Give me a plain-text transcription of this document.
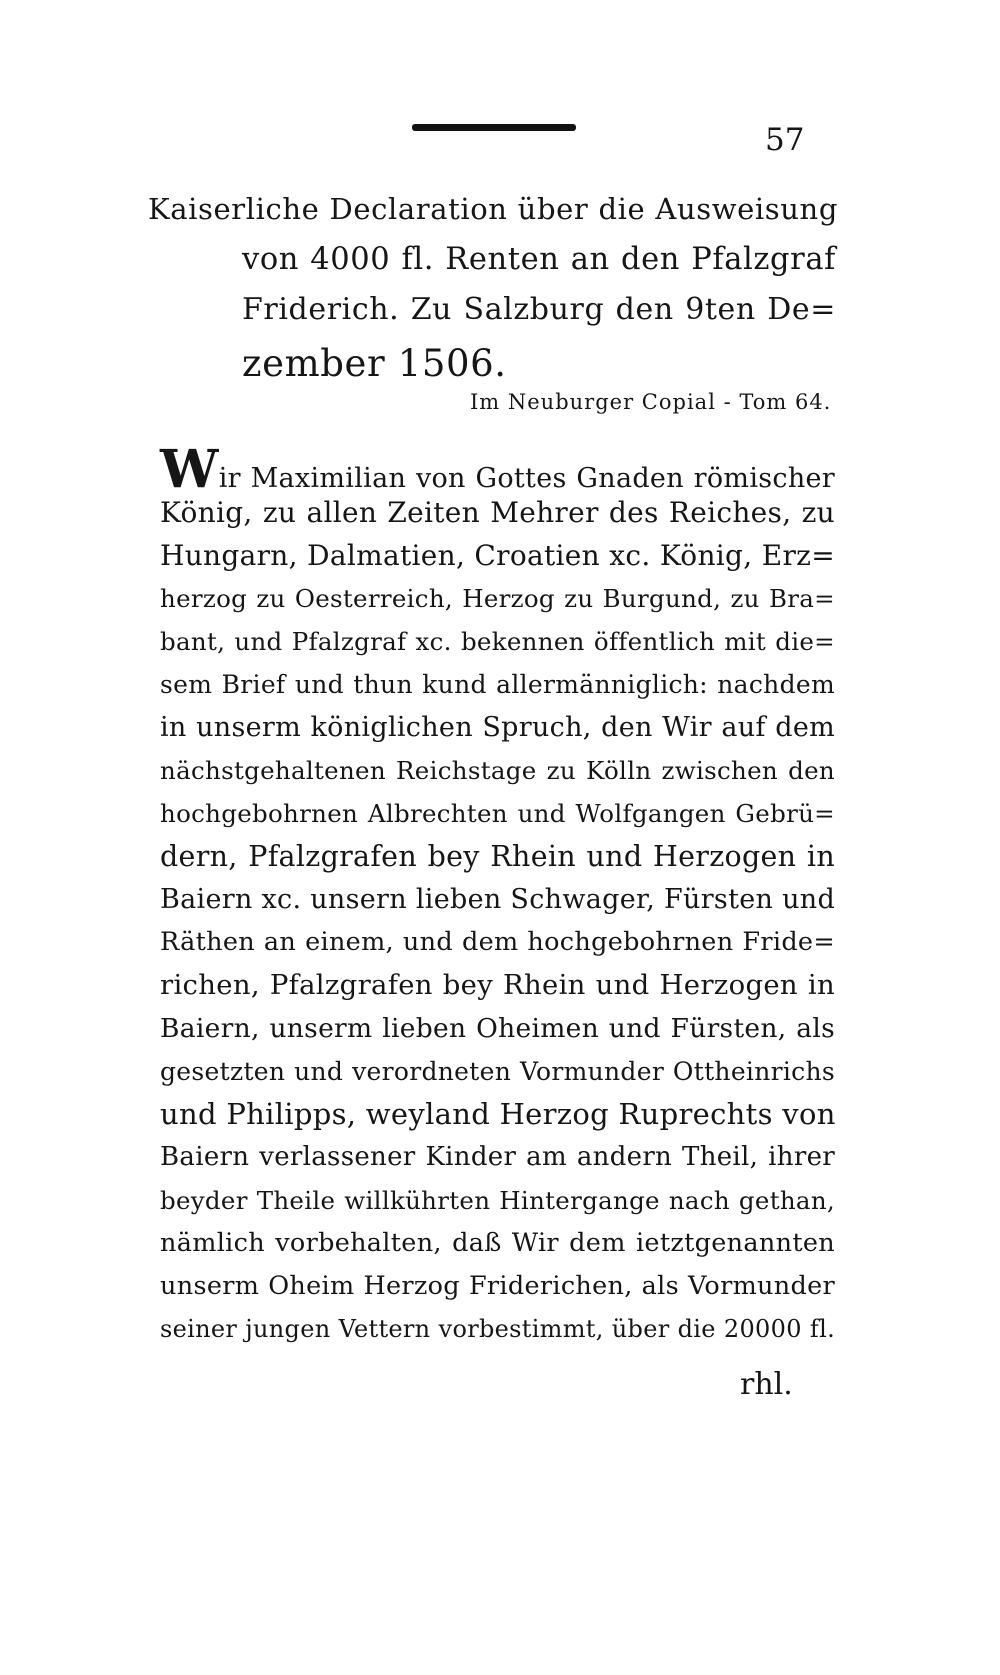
57
Kaiserliche Declaration über die Ausweisung
von 4000 fl. Renten an den Pfalzgraf
Friderich. Zu Salzburg den 9ten De=
zember 1506.
Im Neuburger Copial - Tom 64.
Wir Maximilian von Gottes Gnaden römischer
König, zu allen Zeiten Mehrer des Reiches, zu
Hungarn, Dalmatien, Croatien xc. König, Erz=
herzog zu Oesterreich, Herzog zu Burgund, zu Bra=
bant, und Pfalzgraf xc. bekennen öffentlich mit die=
sem Brief und thun kund allermänniglich: nachdem
in unserm königlichen Spruch, den Wir auf dem
nächstgehaltenen Reichstage zu Kölln zwischen den
hochgebohrnen Albrechten und Wolfgangen Gebrü=
dern, Pfalzgrafen bey Rhein und Herzogen in
Baiern xc. unsern lieben Schwager, Fürsten und
Räthen an einem, und dem hochgebohrnen Fride=
richen, Pfalzgrafen bey Rhein und Herzogen in
Baiern, unserm lieben Oheimen und Fürsten, als
gesetzten und verordneten Vormunder Ottheinrichs
und Philipps, weyland Herzog Ruprechts von
Baiern verlassener Kinder am andern Theil, ihrer
beyder Theile willkührten Hintergange nach gethan,
nämlich vorbehalten, daß Wir dem ietztgenannten
unserm Oheim Herzog Friderichen, als Vormunder
seiner jungen Vettern vorbestimmt, über die 20000 fl.
rhl.
